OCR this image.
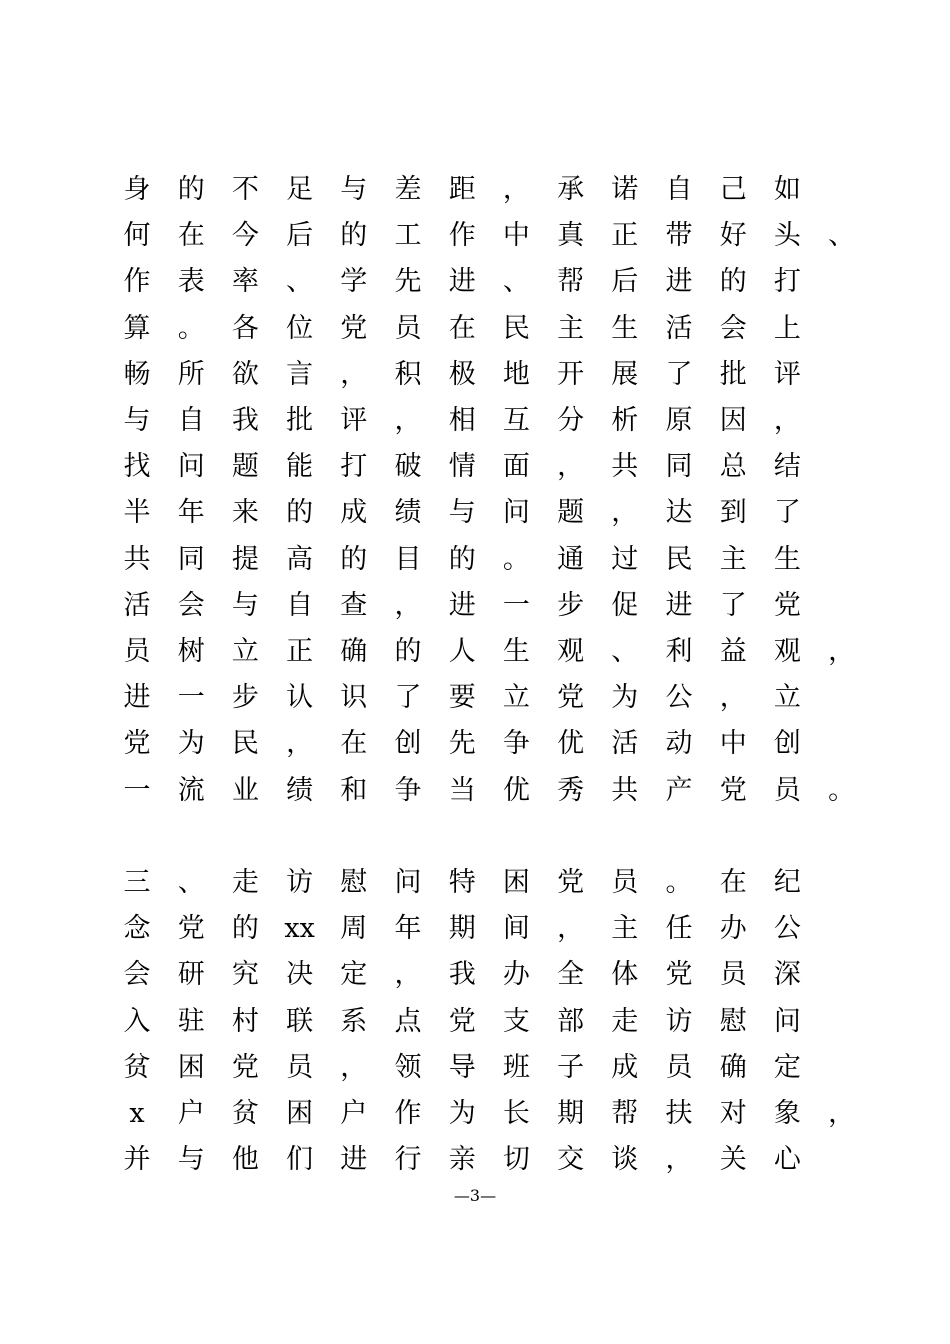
身 的 不 足 与 差 距 ， 承 诺 自 己 如
何 在 今 后 的 工 作 中 真 正 带 好 头 、
作 表 率 、 学 先 进 、 帮 后 进 的 打
算 。 各 位 党 员 在 民 主 生 活 会 上
畅 所 欲 言 ， 积 极 地 开 展 了 批 评
与 自 我 批 评 ， 相 互 分 析 原 因 ，
找 问 题 能 打 破 情 面 ， 共 同 总 结
半 年 来 的 成 绩 与 问 题 ， 达 到 了
共 同 提 高 的 目 的 。 通 过 民 主 生
活 会 与 自 查 ， 进 一 步 促 进 了 党
员 树 立 正 确 的 人 生 观 、 利 益 观 ，
进 一 步 认 识 了 要 立 党 为 公 ， 立
党 为 民 ， 在 创 先 争 优 活 动 中 创
一 流 业 绩 和 争 当 优 秀 共 产 党 员 。
三 、 走 访 慰 问 特 困 党 员 。 在 纪
念 党 的 xx 周 年 期 间 ， 主 任 办 公
会 研 究 决 定 ， 我 办 全 体 党 员 深
入 驻 村 联 系 点 党 支 部 走 访 慰 问
贫 困 党 员 ， 领 导 班 子 成 员 确 定
x	户 贫 困 户 作 为 长 期 帮 扶 对 象 ，
并 与 他 们 进 行 亲 切 交 谈 ， 关 心
—3—
